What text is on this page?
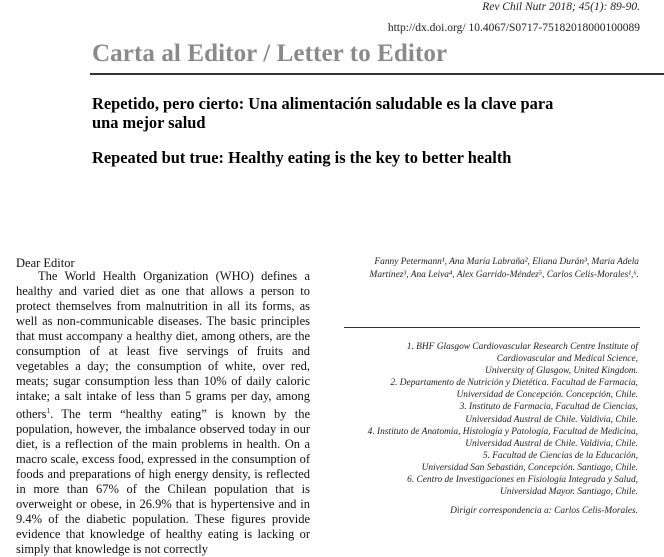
Rev Chil Nutr 2018; 45(1): 89-90.
http://dx.doi.org/ 10.4067/S0717-75182018000100089
Carta al Editor / Letter to Editor
Repetido, pero cierto: Una alimentación saludable es la clave para una mejor salud
Repeated but true: Healthy eating is the key to better health
Dear Editor
The World Health Organization (WHO) defines a healthy and varied diet as one that allows a person to protect themselves from malnutrition in all its forms, as well as non-communicable diseases. The basic principles that must accompany a healthy diet, among others, are the consumption of at least five servings of fruits and vegetables a day; the consumption of white, over red, meats; sugar consumption less than 10% of daily caloric intake; a salt intake of less than 5 grams per day, among others$^1$. The term “healthy eating” is known by the population, however, the imbalance observed today in our diet, is a reflection of the main problems in health. On a macro scale, excess food, expressed in the consumption of foods and preparations of high energy density, is reflected in more than 67% of the Chilean population that is overweight or obese, in 26.9% that is hypertensive and in 9.4% of the diabetic population. These figures provide evidence that knowledge of healthy eating is lacking or simply that knowledge is not correctly
Fanny Petermann¹, Ana María Labraña², Eliana Durán³, María Adela
Martínez³, Ana Leiva⁴, Alex Garrido-Méndez⁵, Carlos Celis-Morales¹,⁶.
1. BHF Glasgow Cardiovascular Research Centre Institute of
Cardiovascular and Medical Science,
University of Glasgow, United Kingdom.
2. Departamento de Nutrición y Dietética. Facultad de Farmacia,
Universidad de Concepción. Concepción, Chile.
3. Instituto de Farmacia, Facultad de Ciencias,
Universidad Austral de Chile. Valdivia, Chile.
4. Instituto de Anatomía, Histología y Patología, Facultad de Medicina,
Universidad Austral de Chile. Valdivia, Chile.
5. Facultad de Ciencias de la Educación,
Universidad San Sebastián, Concepción. Santiago, Chile.
6. Centro de Investigaciones en Fisiología Integrada y Salud,
Universidad Mayor. Santiago, Chile.
Dirigir correspondencia a: Carlos Celis-Morales.
